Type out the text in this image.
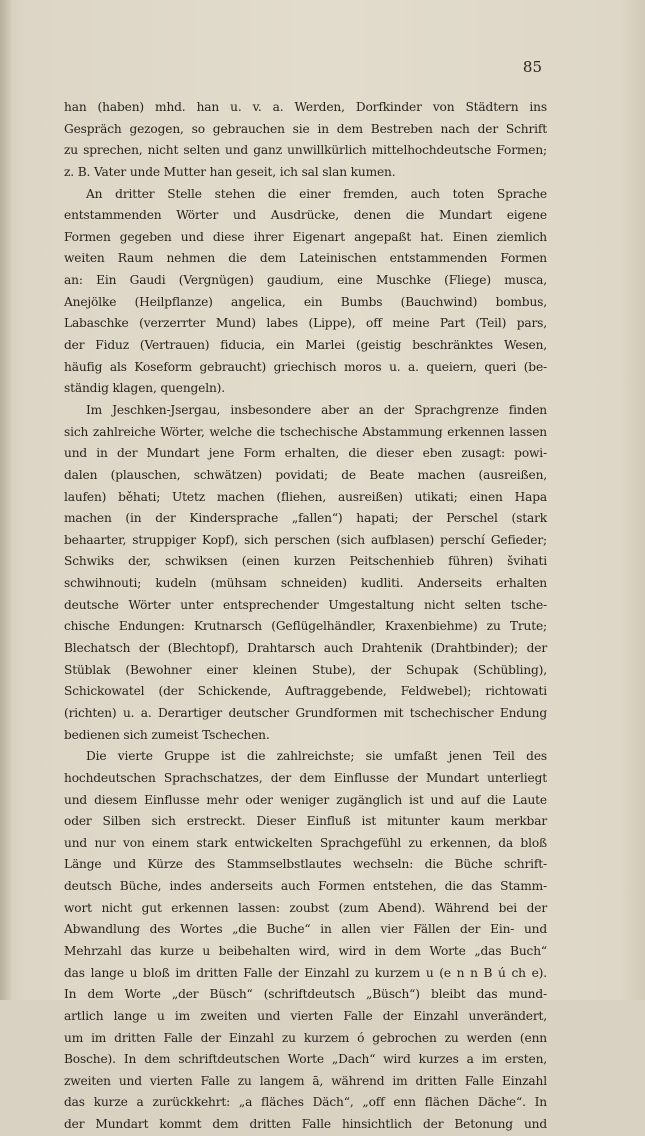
85
han (haben) mhd. han u. v. a. Werden, Dorfkinder von Städtern ins
Gespräch gezogen, so gebrauchen sie in dem Bestreben nach der Schrift
zu sprechen, nicht selten und ganz unwillkürlich mittelhochdeutsche Formen;
z. B. Vater unde Mutter han geseit, ich sal slan kumen.
An dritter Stelle stehen die einer fremden, auch toten Sprache
entstammenden Wörter und Ausdrücke, denen die Mundart eigene
Formen gegeben und diese ihrer Eigenart angepaßt hat. Einen ziemlich
weiten Raum nehmen die dem Lateinischen entstammenden Formen
an: Ein Gaudi (Vergnügen) gaudium, eine Muschke (Fliege) musca,
Anejölke (Heilpflanze) angelica, ein Bumbs (Bauchwind) bombus,
Labaschke (verzerrter Mund) labes (Lippe), off meine Part (Teil) pars,
der Fiduz (Vertrauen) fiducia, ein Marlei (geistig beschränktes Wesen,
häufig als Koseform gebraucht) griechisch moros u. a. queiern, queri (be-
ständig klagen, quengeln).
Im Jeschken-Jsergau, insbesondere aber an der Sprachgrenze finden
sich zahlreiche Wörter, welche die tschechische Abstammung erkennen lassen
und in der Mundart jene Form erhalten, die dieser eben zusagt: powi-
dalen (plauschen, schwätzen) povidati; de Beate machen (ausreißen,
laufen) běhati; Utetz machen (fliehen, ausreißen) utikati; einen Hapa
machen (in der Kindersprache „fallen“) hapati; der Perschel (stark
behaarter, struppiger Kopf), sich perschen (sich aufblasen) perschí Gefieder;
Schwiks der, schwiksen (einen kurzen Peitschenhieb führen) švihati
schwihnouti; kudeln (mühsam schneiden) kudliti. Anderseits erhalten
deutsche Wörter unter entsprechender Umgestaltung nicht selten tsche-
chische Endungen: Krutnarsch (Geflügelhändler, Kraxenbiehme) zu Trute;
Blechatsch der (Blechtopf), Drahtarsch auch Drahtenik (Drahtbinder); der
Stüblak (Bewohner einer kleinen Stube), der Schupak (Schübling),
Schickowatel (der Schickende, Auftraggebende, Feldwebel); richtowati
(richten) u. a. Derartiger deutscher Grundformen mit tschechischer Endung
bedienen sich zumeist Tschechen.
Die vierte Gruppe ist die zahlreichste; sie umfaßt jenen Teil des
hochdeutschen Sprachschatzes, der dem Einflusse der Mundart unterliegt
und diesem Einflusse mehr oder weniger zugänglich ist und auf die Laute
oder Silben sich erstreckt. Dieser Einfluß ist mitunter kaum merkbar
und nur von einem stark entwickelten Sprachgefühl zu erkennen, da bloß
Länge und Kürze des Stammselbstlautes wechseln: die Büche schrift-
deutsch Büche, indes anderseits auch Formen entstehen, die das Stamm-
wort nicht gut erkennen lassen: zoubst (zum Abend). Während bei der
Abwandlung des Wortes „die Buche“ in allen vier Fällen der Ein- und
Mehrzahl das kurze u beibehalten wird, wird in dem Worte „das Buch“
das lange u bloß im dritten Falle der Einzahl zu kurzem u (e n n B ú ch e).
In dem Worte „der Büsch“ (schriftdeutsch „Büsch“) bleibt das mund-
artlich lange u im zweiten und vierten Falle der Einzahl unverändert,
um im dritten Falle der Einzahl zu kurzem ó gebrochen zu werden (enn
Bosche). In dem schriftdeutschen Worte „Dach“ wird kurzes a im ersten,
zweiten und vierten Falle zu langem ā, während im dritten Falle Einzahl
das kurze a zurückkehrt: „a fläches Däch“, „off enn flächen Däche“. In
der Mundart kommt dem dritten Falle hinsichtlich der Betonung und
